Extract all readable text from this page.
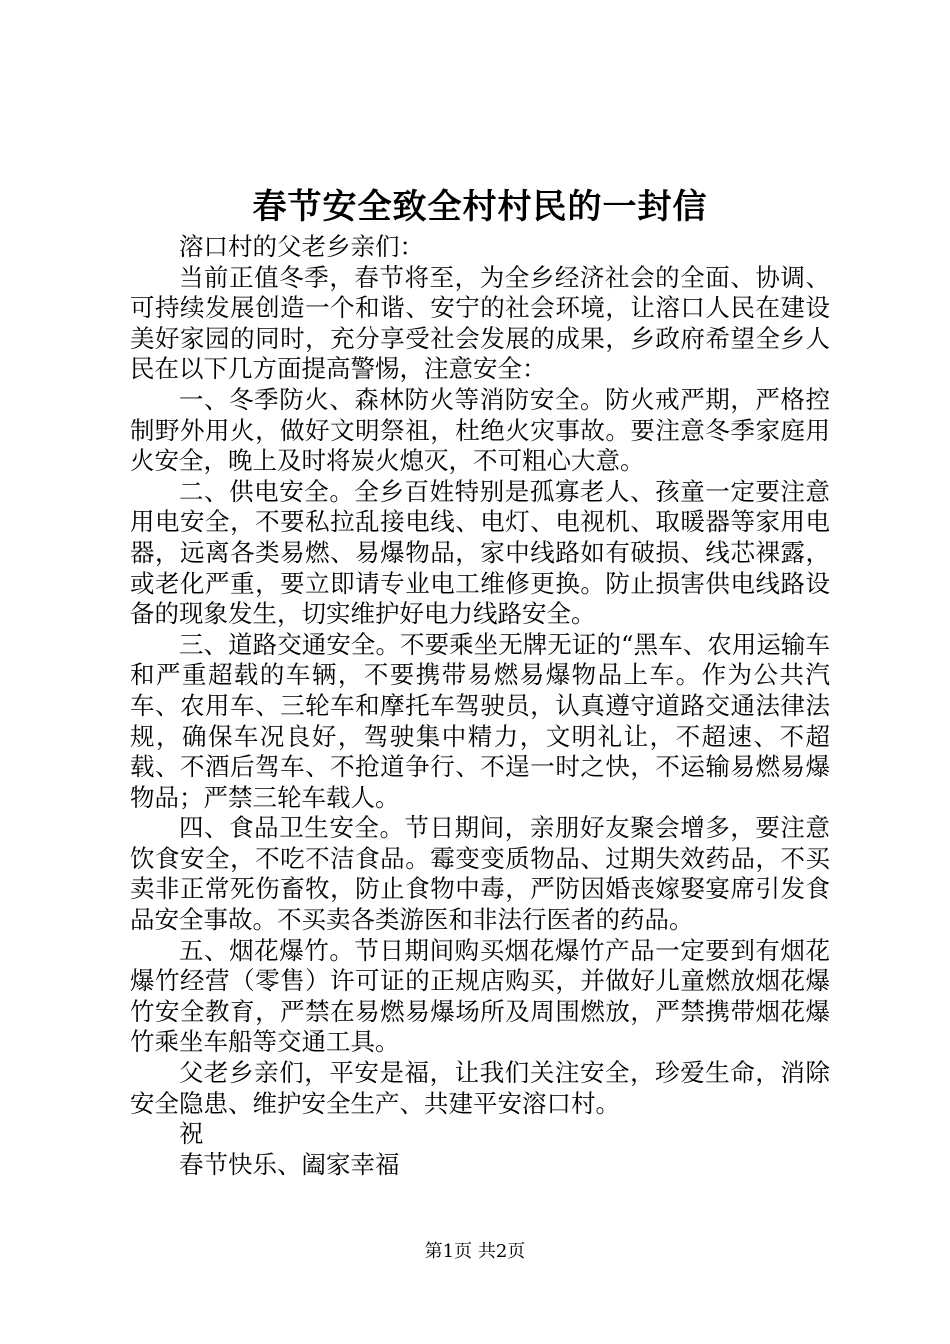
春节安全致全村村民的一封信

溶口村的父老乡亲们：

当前正值冬季，春节将至，为全乡经济社会的全面、协调、可持续发展创造一个和谐、安宁的社会环境，让溶口人民在建设美好家园的同时，充分享受社会发展的成果，乡政府希望全乡人民在以下几方面提高警惕，注意安全：

一、冬季防火、森林防火等消防安全。防火戒严期，严格控制野外用火，做好文明祭祖，杜绝火灾事故。要注意冬季家庭用火安全，晚上及时将炭火熄灭，不可粗心大意。

二、供电安全。全乡百姓特别是孤寡老人、孩童一定要注意用电安全，不要私拉乱接电线、电灯、电视机、取暖器等家用电器，远离各类易燃、易爆物品，家中线路如有破损、线芯裸露，或老化严重，要立即请专业电工维修更换。防止损害供电线路设备的现象发生，切实维护好电力线路安全。

三、道路交通安全。不要乘坐无牌无证的“黑车、农用运输车和严重超载的车辆，不要携带易燃易爆物品上车。作为公共汽车、农用车、三轮车和摩托车驾驶员，认真遵守道路交通法律法规，确保车况良好，驾驶集中精力，文明礼让，不超速、不超载、不酒后驾车、不抢道争行、不逞一时之快，不运输易燃易爆物品；严禁三轮车载人。

四、食品卫生安全。节日期间，亲朋好友聚会增多，要注意饮食安全，不吃不洁食品。霉变变质物品、过期失效药品，不买卖非正常死伤畜牧，防止食物中毒，严防因婚丧嫁娶宴席引发食品安全事故。不买卖各类游医和非法行医者的药品。

五、烟花爆竹。节日期间购买烟花爆竹产品一定要到有烟花爆竹经营（零售）许可证的正规店购买，并做好儿童燃放烟花爆竹安全教育，严禁在易燃易爆场所及周围燃放，严禁携带烟花爆竹乘坐车船等交通工具。

父老乡亲们，平安是福，让我们关注安全，珍爱生命，消除安全隐患、维护安全生产、共建平安溶口村。

祝

春节快乐、阖家幸福

第1页 共2页
